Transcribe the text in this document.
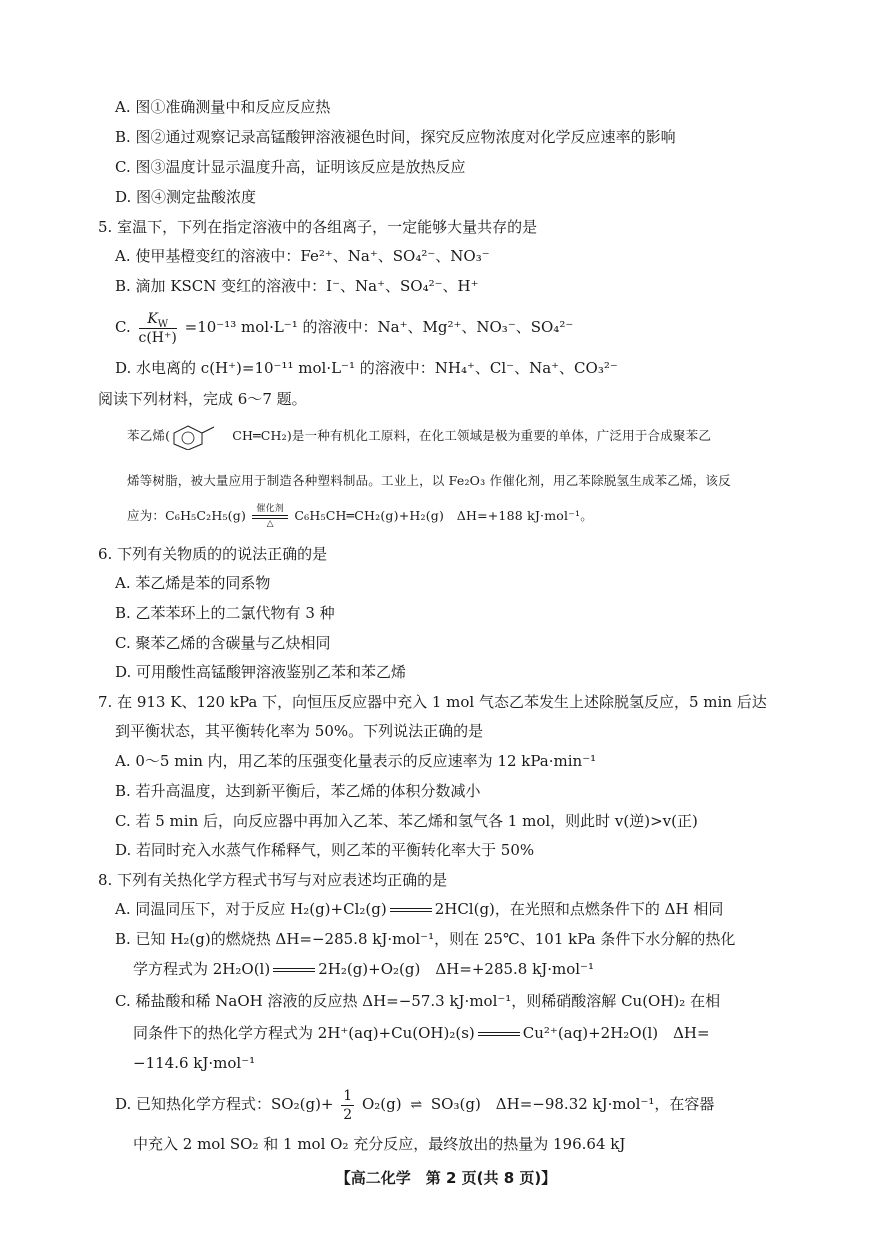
A. 图①准确测量中和反应反应热
B. 图②通过观察记录高锰酸钾溶液褪色时间，探究反应物浓度对化学反应速率的影响
C. 图③温度计显示温度升高，证明该反应是放热反应
D. 图④测定盐酸浓度
5. 室温下，下列在指定溶液中的各组离子，一定能够大量共存的是
A. 使甲基橙变红的溶液中：Fe²⁺、Na⁺、SO₄²⁻、NO₃⁻
B. 滴加 KSCN 变红的溶液中：I⁻、Na⁺、SO₄²⁻、H⁺
C. $\frac{K_W}{c(H^+)} =10^{-13}$ mol·L⁻¹ 的溶液中：Na⁺、Mg²⁺、NO₃⁻、SO₄²⁻
D. 水电离的 c(H⁺)=10⁻¹¹ mol·L⁻¹ 的溶液中：NH₄⁺、Cl⁻、Na⁺、CO₃²⁻
阅读下列材料，完成 6～7 题。
苯乙烯(	CH═CH₂)是一种有机化工原料，在化工领域是极为重要的单体，广泛用于合成聚苯乙
烯等树脂，被大量应用于制造各种塑料制品。工业上，以 Fe₂O₃ 作催化剂，用乙苯除脱氢生成苯乙烯，该反
应为：C₆H₅C₂H₅(g) 催化剂
△ C₆H₅CH═CH₂(g)+H₂(g)　ΔH=+188 kJ·mol⁻¹。
6. 下列有关物质的的说法正确的是
A. 苯乙烯是苯的同系物
B. 乙苯苯环上的二氯代物有 3 种
C. 聚苯乙烯的含碳量与乙炔相同
D. 可用酸性高锰酸钾溶液鉴别乙苯和苯乙烯
7. 在 913 K、120 kPa 下，向恒压反应器中充入 1 mol 气态乙苯发生上述除脱氢反应，5 min 后达
到平衡状态，其平衡转化率为 50%。下列说法正确的是
A. 0～5 min 内，用乙苯的压强变化量表示的反应速率为 12 kPa·min⁻¹
B. 若升高温度，达到新平衡后，苯乙烯的体积分数减小
C. 若 5 min 后，向反应器中再加入乙苯、苯乙烯和氢气各 1 mol，则此时 v(逆)>v(正)
D. 若同时充入水蒸气作稀释气，则乙苯的平衡转化率大于 50%
8. 下列有关热化学方程式书写与对应表述均正确的是
A. 同温同压下，对于反应 H₂(g)+Cl₂(g)	2HCl(g)，在光照和点燃条件下的 ΔH 相同
B. 已知 H₂(g)的燃烧热 ΔH=−285.8 kJ·mol⁻¹，则在 25℃、101 kPa 条件下水分解的热化
学方程式为 2H₂O(l)	2H₂(g)+O₂(g)　ΔH=+285.8 kJ·mol⁻¹
C. 稀盐酸和稀 NaOH 溶液的反应热 ΔH=−57.3 kJ·mol⁻¹，则稀硝酸溶解 Cu(OH)₂ 在相
同条件下的热化学方程式为 2H⁺(aq)+Cu(OH)₂(s)	Cu²⁺(aq)+2H₂O(l)　ΔH=
−114.6 kJ·mol⁻¹
D. 已知热化学方程式：$SO_2(g)+ \frac{1}{2} O_2(g)$ ⇌ SO₃(g)　ΔH=−98.32 kJ·mol⁻¹，在容器
中充入 2 mol SO₂ 和 1 mol O₂ 充分反应，最终放出的热量为 196.64 kJ
【高二化学　第 2 页(共 8 页)】
